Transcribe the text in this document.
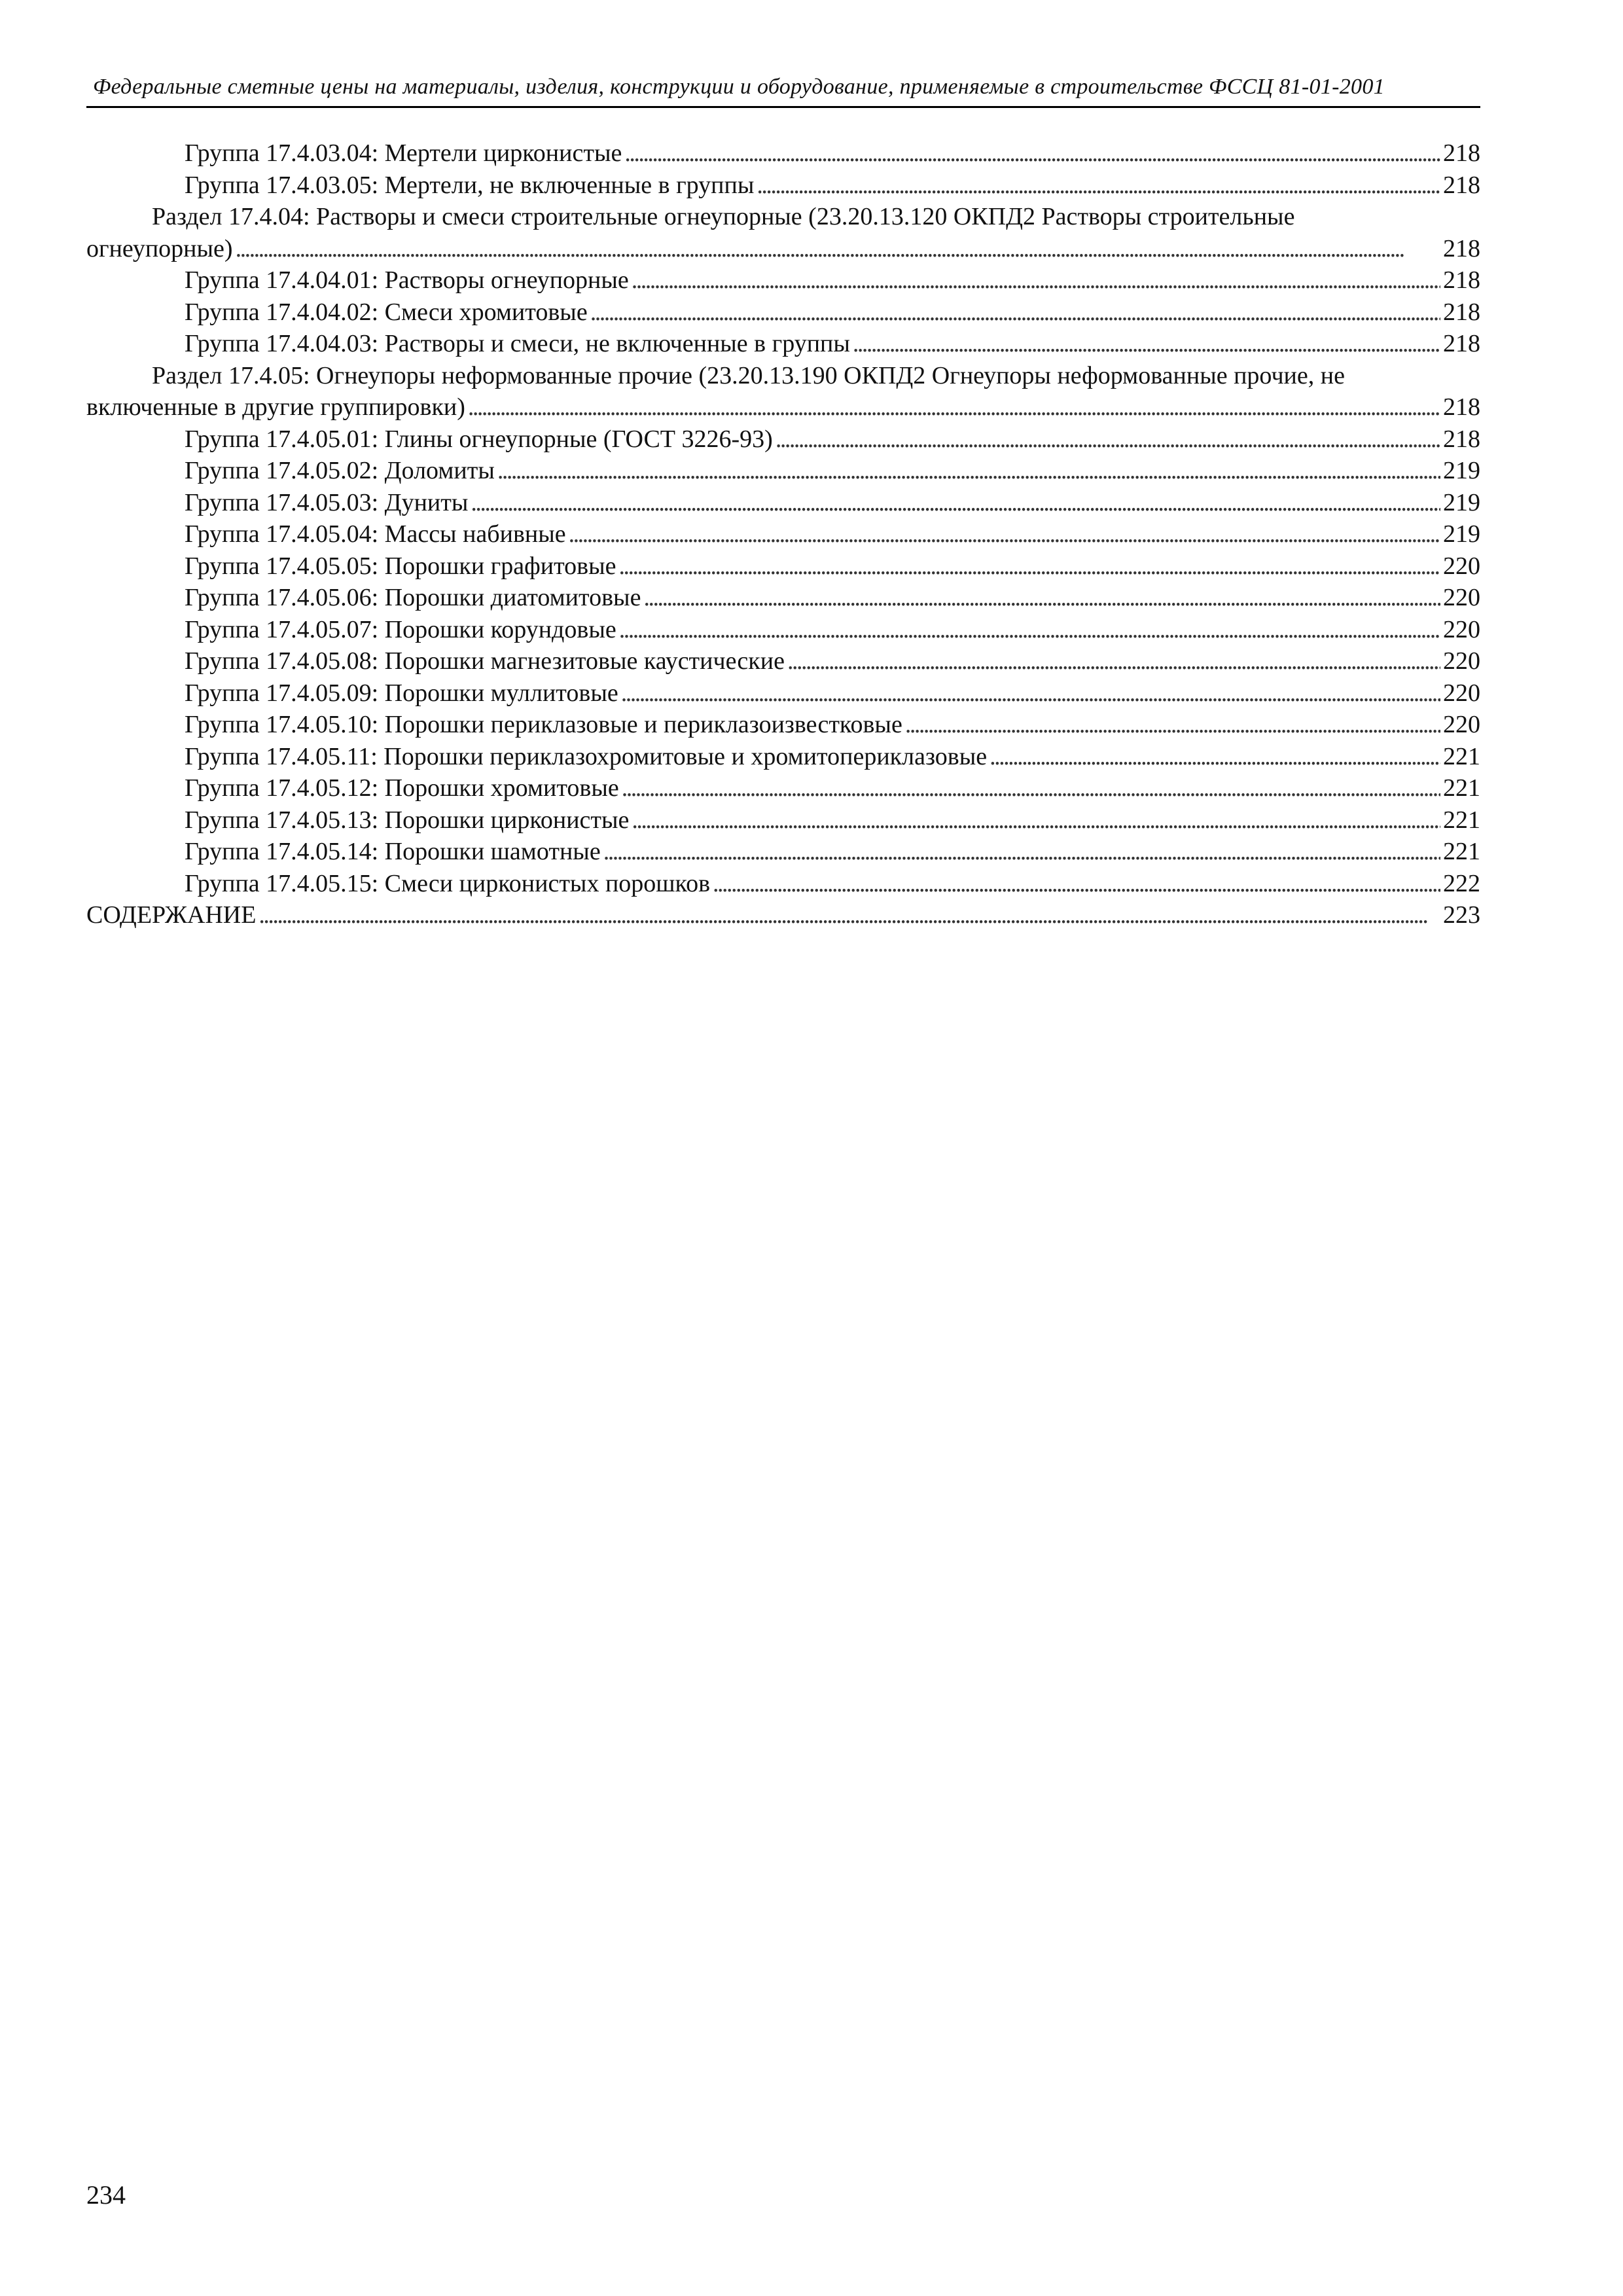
Федеральные сметные цены на материалы, изделия, конструкции и оборудование, применяемые в строительстве ФССЦ 81-01-2001
Группа 17.4.03.04: Мертели цирконистые . . .	218
Группа 17.4.03.05: Мертели, не включенные в группы . . .	218
Раздел 17.4.04: Растворы и смеси строительные огнеупорные (23.20.13.120 ОКПД2 Растворы строительные
огнеупорные) . . .	218
Группа 17.4.04.01: Растворы огнеупорные . . .	218
Группа 17.4.04.02: Смеси хромитовые . . .	218
Группа 17.4.04.03: Растворы и смеси, не включенные в группы . . .	218
Раздел 17.4.05: Огнеупоры неформованные прочие (23.20.13.190 ОКПД2 Огнеупоры неформованные прочие, не
включенные в другие группировки) . . .	218
Группа 17.4.05.01: Глины огнеупорные (ГОСТ 3226-93) . . .	218
Группа 17.4.05.02: Доломиты . . .	219
Группа 17.4.05.03: Дуниты . . .	219
Группа 17.4.05.04: Массы набивные . . .	219
Группа 17.4.05.05: Порошки графитовые . . .	220
Группа 17.4.05.06: Порошки диатомитовые . . .	220
Группа 17.4.05.07: Порошки корундовые . . .	220
Группа 17.4.05.08: Порошки магнезитовые каустические . . .	220
Группа 17.4.05.09: Порошки муллитовые . . .	220
Группа 17.4.05.10: Порошки периклазовые и периклазоизвестковые . . .	220
Группа 17.4.05.11: Порошки периклазохромитовые и хромитопериклазовые . . .	221
Группа 17.4.05.12: Порошки хромитовые . . .	221
Группа 17.4.05.13: Порошки цирконистые . . .	221
Группа 17.4.05.14: Порошки шамотные . . .	221
Группа 17.4.05.15: Смеси цирконистых порошков . . .	222
СОДЕРЖАНИЕ . . .	223
234
